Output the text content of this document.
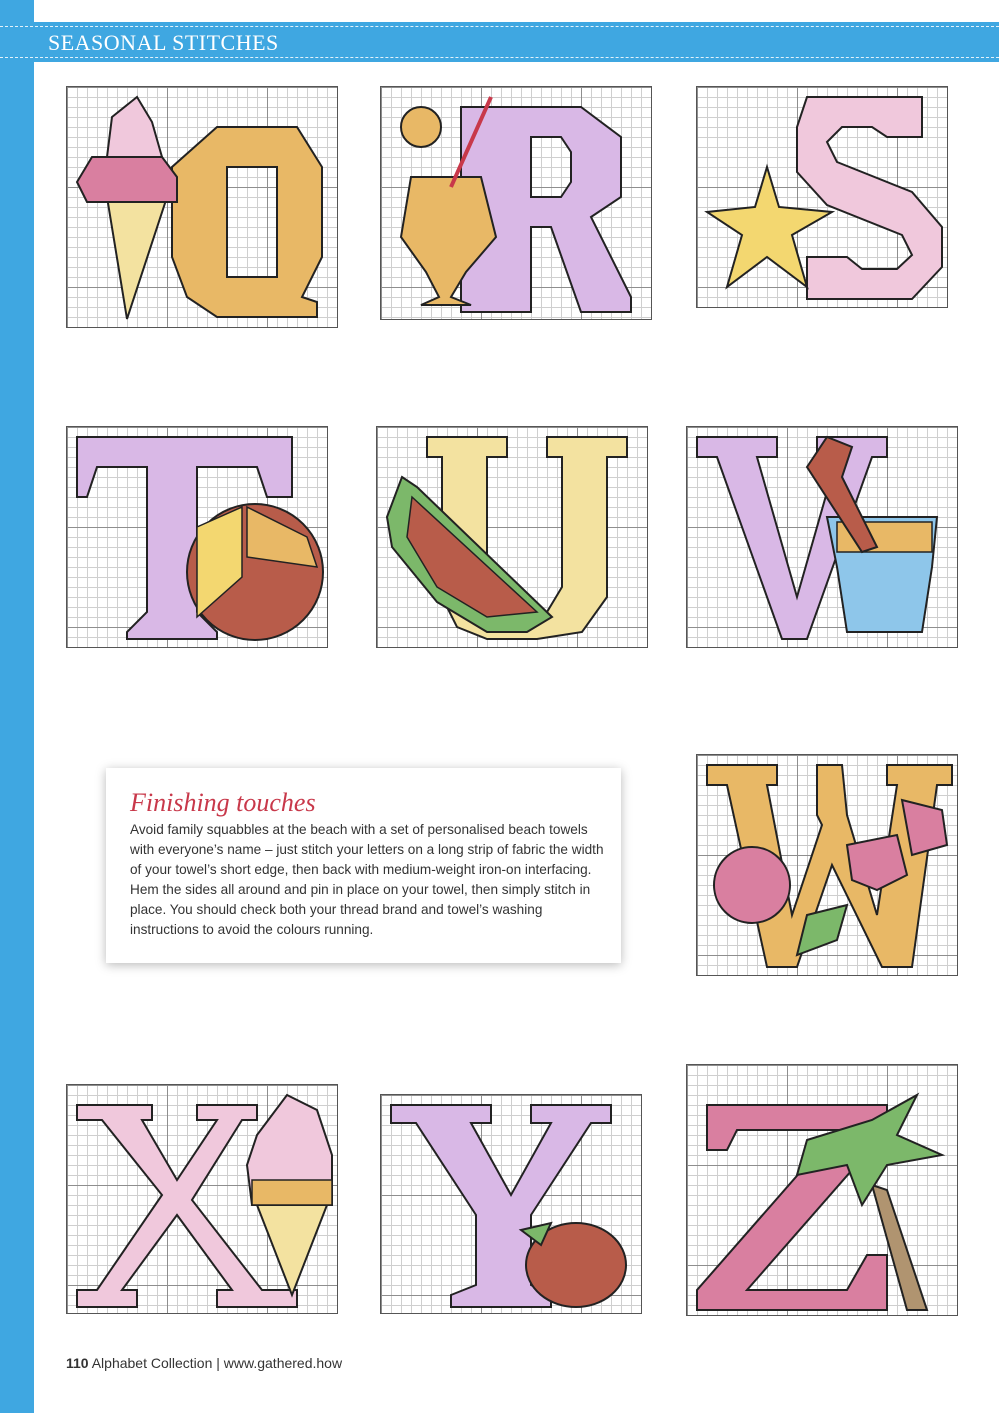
SEASONAL STITCHES
Finishing touches
Avoid family squabbles at the beach with a set of personalised beach towels with everyone’s name – just stitch your letters on a long strip of fabric the width of your towel’s short edge, then back with medium-weight iron-on interfacing. Hem the sides all around and pin in place on your towel, then simply stitch in place. You should check both your thread brand and towel’s washing instructions to avoid the colours running.
110 Alphabet Collection | www.gathered.how
